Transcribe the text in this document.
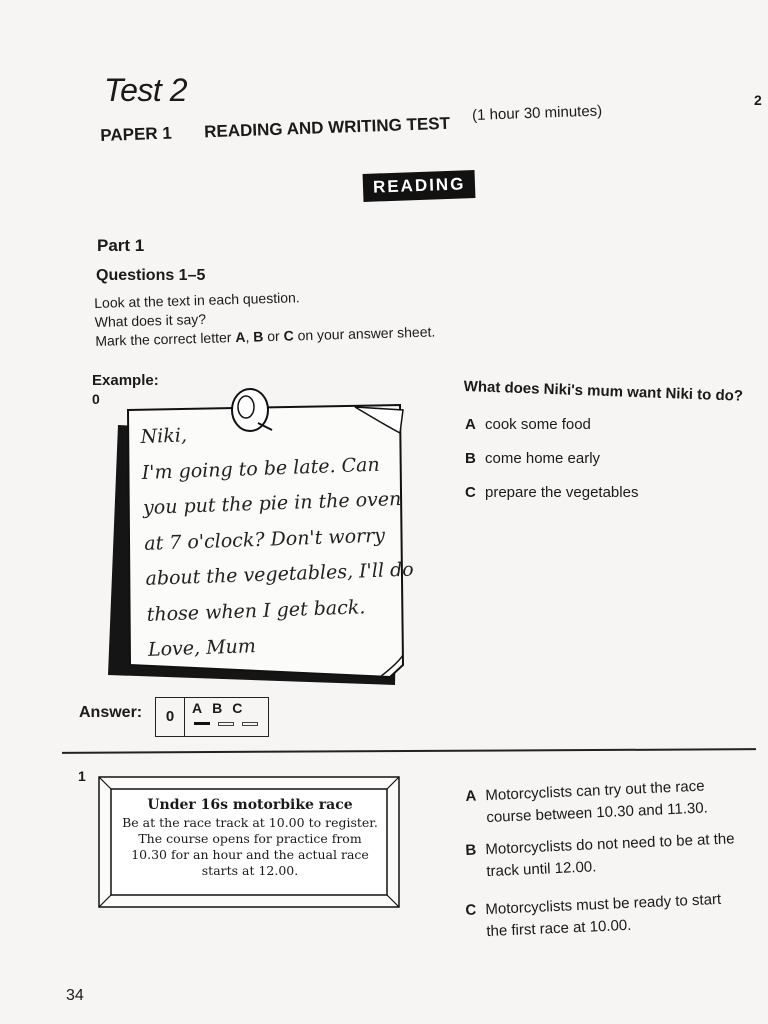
Test 2	2
PAPER 1 READING AND WRITING TEST (1 hour 30 minutes)
READING
Part 1
Questions 1–5
Look at the text in each question.
What does it say?
Mark the correct letter A, B or C on your answer sheet.
Example:
0
Niki,
I'm going to be late. Can
you put the pie in the oven
at 7 o'clock? Don't worry
about the vegetables, I'll do
those when I get back.
Love, Mum
What does Niki's mum want Niki to do?
A cook some food
B come home early
C prepare the vegetables
Answer:	0	ABC
1
Under 16s motorbike race
Be at the race track at 10.00 to register.
The course opens for practice from
10.30 for an hour and the actual race
starts at 12.00.
A Motorcyclists can try out the race course between 10.30 and 11.30.
B Motorcyclists do not need to be at the track until 12.00.
C Motorcyclists must be ready to start the first race at 10.00.
34
